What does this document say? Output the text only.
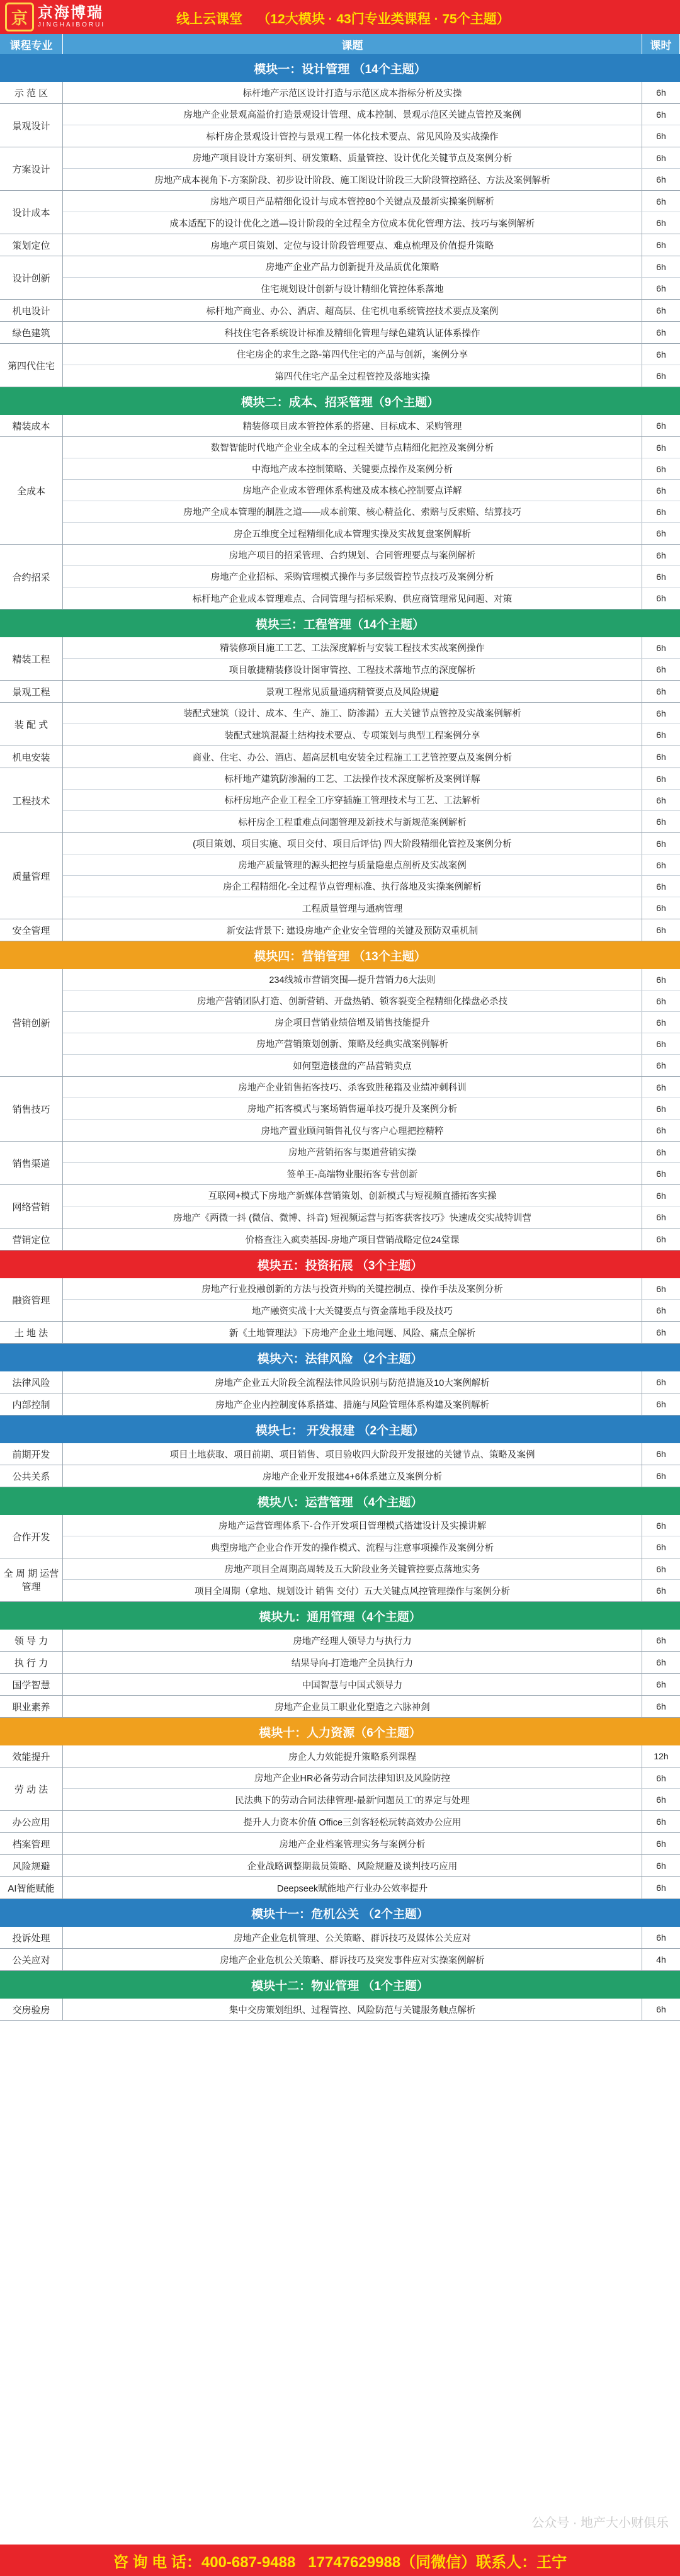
京 京海博瑞
JINGHAIBORUI	线上云课堂    （12大模块 · 43门专业类课程 · 75个主题）
课程专业	课题	课时
模块一：设计管理 （14个主题）
示 范 区	标杆地产示范区设计打造与示范区成本指标分析及实操	6h
景观设计
房地产企业景观高溢价打造景观设计管理、成本控制、景观示范区关键点管控及案例	6h
标杆房企景观设计管控与景观工程一体化技术要点、常见风险及实战操作	6h
方案设计
房地产项目设计方案研判、研发策略、质量管控、设计优化关键节点及案例分析	6h
房地产成本视角下-方案阶段、初步设计阶段、施工图设计阶段三大阶段管控路径、方法及案例解析	6h
设计成本
房地产项目产品精细化设计与成本管控80个关键点及最新实操案例解析	6h
成本适配下的设计优化之道—设计阶段的全过程全方位成本优化管理方法、技巧与案例解析	6h
策划定位	房地产项目策划、定位与设计阶段管理要点、难点梳理及价值提升策略	6h
设计创新
房地产企业产品力创新提升及品质优化策略	6h
住宅规划设计创新与设计精细化管控体系落地	6h
机电设计	标杆地产商业、办公、酒店、超高层、住宅机电系统管控技术要点及案例	6h
绿色建筑	科技住宅各系统设计标准及精细化管理与绿色建筑认证体系操作	6h
第四代住宅
住宅房企的求生之路-第四代住宅的产品与创新，案例分享	6h
第四代住宅产品全过程管控及落地实操	6h
模块二：成本、招采管理（9个主题）
精装成本	精装修项目成本管控体系的搭建、目标成本、采购管理	6h
全成本
数智智能时代地产企业全成本的全过程关键节点精细化把控及案例分析	6h
中海地产成本控制策略、关键要点操作及案例分析	6h
房地产企业成本管理体系构建及成本核心控制要点详解	6h
房地产全成本管理的制胜之道——成本前策、核心精益化、索赔与反索赔、结算技巧	6h
房企五维度全过程精细化成本管理实操及实战复盘案例解析	6h
合约招采
房地产项目的招采管理、合约规划、合同管理要点与案例解析	6h
房地产企业招标、采购管理模式操作与多层级管控节点技巧及案例分析	6h
标杆地产企业成本管理难点、合同管理与招标采购、供应商管理常见问题、对策	6h
模块三：工程管理（14个主题）
精装工程
精装修项目施工工艺、工法深度解析与安装工程技术实战案例操作	6h
项目敏捷精装修设计图审管控、工程技术落地节点的深度解析	6h
景观工程	景观工程常见质量通病精管要点及风险规避	6h
装 配 式
装配式建筑（设计、成本、生产、施工、防渗漏）五大关键节点管控及实战案例解析	6h
装配式建筑混凝土结构技术要点、专项策划与典型工程案例分享	6h
机电安装	商业、住宅、办公、酒店、超高层机电安装全过程施工工艺管控要点及案例分析	6h
工程技术
标杆地产建筑防渗漏的工艺、工法操作技术深度解析及案例详解	6h
标杆房地产企业工程全工序穿插施工管理技术与工艺、工法解析	6h
标杆房企工程重难点问题管理及新技术与新规范案例解析	6h
质量管理
(项目策划、项目实施、项目交付、项目后评估) 四大阶段精细化管控及案例分析	6h
房地产质量管理的源头把控与质量隐患点剖析及实战案例	6h
房企工程精细化-全过程节点管理标准、执行落地及实操案例解析	6h
工程质量管理与通病管理	6h
安全管理	新安法背景下: 建设房地产企业安全管理的关键及预防双重机制	6h
模块四：营销管理 （13个主题）
营销创新
234线城市营销突围—提升营销力6大法则	6h
房地产营销团队打造、创新营销、开盘热销、锁客裂变全程精细化操盘必杀技	6h
房企项目营销业绩倍增及销售技能提升	6h
房地产营销策划创新、策略及经典实战案例解析	6h
如何塑造楼盘的产品营销卖点	6h
销售技巧
房地产企业销售拓客技巧、杀客致胜秘籍及业绩冲刺科训	6h
房地产拓客模式与案场销售逼单技巧提升及案例分析	6h
房地产置业顾问销售礼仪与客户心理把控精粹	6h
销售渠道
房地产营销拓客与渠道营销实操	6h
签单王-高端物业服拓客专营创新	6h
网络营销
互联网+模式下房地产新媒体营销策划、创新模式与短视频直播拓客实操	6h
房地产《两微一抖 (微信、微博、抖音) 短视频运营与拓客获客技巧》快速成交实战特训营	6h
营销定位	价格查注入疯卖基因-房地产项目营销战略定位24堂课	6h
模块五：投资拓展 （3个主题）
融资管理
房地产行业投融创新的方法与投资并购的关键控制点、操作手法及案例分析	6h
地产融资实战十大关键要点与资金落地手段及技巧	6h
土 地 法	新《土地管理法》下房地产企业土地问题、风险、痛点全解析	6h
模块六：法律风险 （2个主题）
法律风险	房地产企业五大阶段全流程法律风险识别与防范措施及10大案例解析	6h
内部控制	房地产企业内控制度体系搭建、措施与风险管理体系构建及案例解析	6h
模块七： 开发报建 （2个主题）
前期开发	项目土地获取、项目前期、项目销售、项目验收四大阶段开发报建的关键节点、策略及案例	6h
公共关系	房地产企业开发报建4+6体系建立及案例分析	6h
模块八：运营管理 （4个主题）
合作开发
房地产运营管理体系下-合作开发项目管理模式搭建设计及实操讲解	6h
典型房地产企业合作开发的操作模式、流程与注意事项操作及案例分析	6h
全 周 期 运营管理
房地产项目全周期高周转及五大阶段业务关键管控要点落地实务	6h
项目全周期（拿地、规划设计 销售 交付）五大关键点风控管理操作与案例分析	6h
模块九：通用管理（4个主题）
领 导 力	房地产经理人领导力与执行力	6h
执 行 力	结果导向-打造地产全员执行力	6h
国学智慧	中国智慧与中国式领导力	6h
职业素养	房地产企业员工职业化塑造之六脉神剑	6h
模块十：人力资源（6个主题）
效能提升	房企人力效能提升策略系列课程	12h
劳 动 法
房地产企业HR必备劳动合同法律知识及风险防控	6h
民法典下的劳动合同法律管理-最新'问题员工'的界定与处理	6h
办公应用	提升人力资本价值 Office三剑客轻松玩转高效办公应用	6h
档案管理	房地产企业档案管理实务与案例分析	6h
风险规避	企业战略调整期裁员策略、风险规避及谈判技巧应用	6h
AI智能赋能	Deepseek赋能地产行业办公效率提升	6h
模块十一：危机公关 （2个主题）
投诉处理	房地产企业危机管理、公关策略、群诉技巧及媒体公关应对	6h
公关应对	房地产企业危机公关策略、群诉技巧及突发事件应对实操案例解析	4h
模块十二：物业管理 （1个主题）
交房验房	集中交房策划组织、过程管控、风险防范与关键服务触点解析	6h
公众号 · 地产大小财俱乐
咨 询 电 话：400-687-9488   17747629988（同微信）联系人：王宁
